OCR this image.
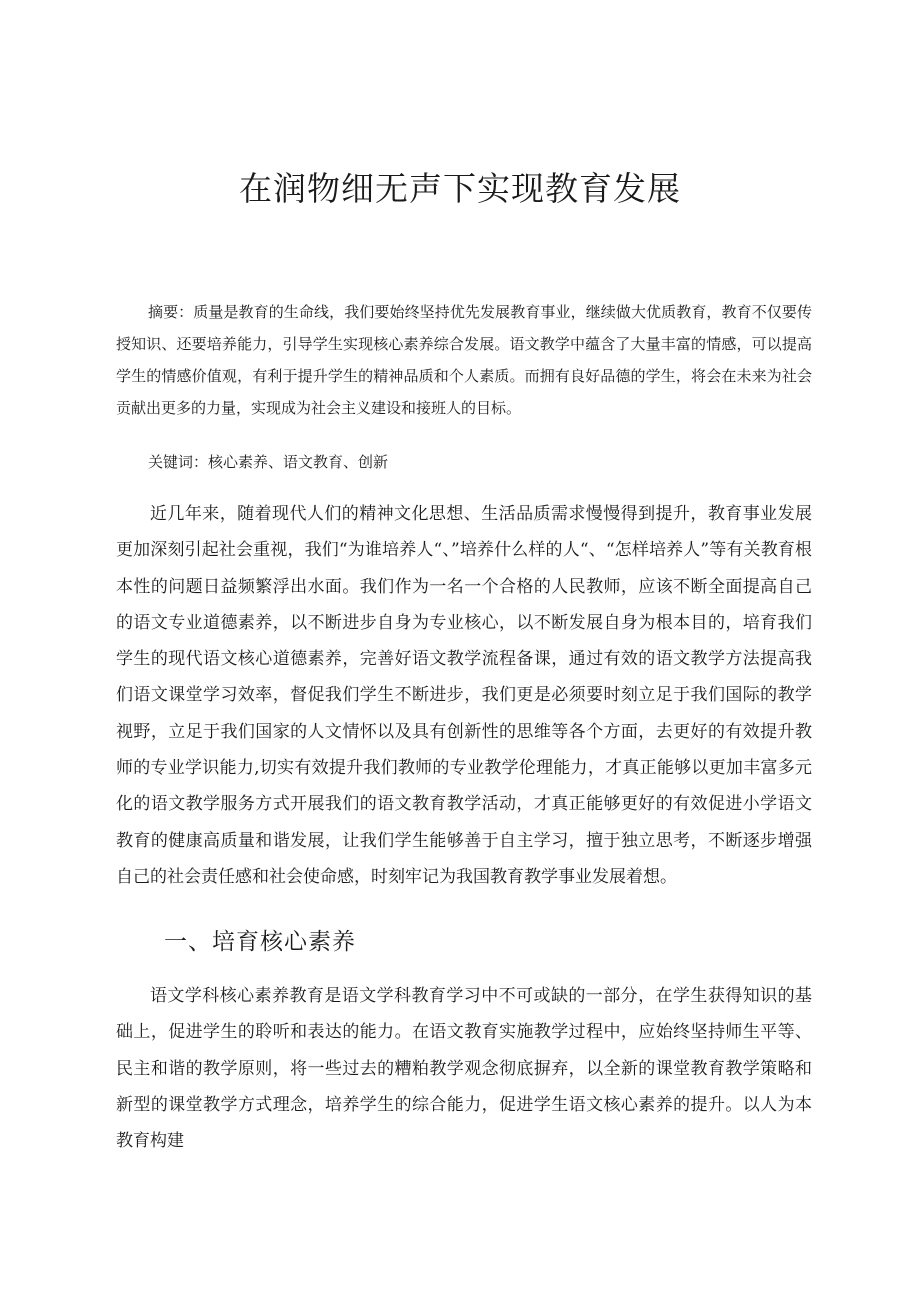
在润物细无声下实现教育发展

摘要：质量是教育的生命线，我们要始终坚持优先发展教育事业，继续做大优质教育，教育不仅要传授知识、还要培养能力，引导学生实现核心素养综合发展。语文教学中蕴含了大量丰富的情感，可以提高学生的情感价值观，有利于提升学生的精神品质和个人素质。而拥有良好品德的学生，将会在未来为社会贡献出更多的力量，实现成为社会主义建设和接班人的目标。

关键词：核心素养、语文教育、创新

近几年来，随着现代人们的精神文化思想、生活品质需求慢慢得到提升，教育事业发展更加深刻引起社会重视，我们“为谁培养人“、”培养什么样的人“、“怎样培养人”等有关教育根本性的问题日益频繁浮出水面。我们作为一名一个合格的人民教师，应该不断全面提高自己的语文专业道德素养，以不断进步自身为专业核心，以不断发展自身为根本目的，培育我们学生的现代语文核心道德素养，完善好语文教学流程备课，通过有效的语文教学方法提高我们语文课堂学习效率，督促我们学生不断进步，我们更是必须要时刻立足于我们国际的教学视野，立足于我们国家的人文情怀以及具有创新性的思维等各个方面，去更好的有效提升教师的专业学识能力,切实有效提升我们教师的专业教学伦理能力，才真正能够以更加丰富多元化的语文教学服务方式开展我们的语文教育教学活动，才真正能够更好的有效促进小学语文教育的健康高质量和谐发展，让我们学生能够善于自主学习，擅于独立思考，不断逐步增强自己的社会责任感和社会使命感，时刻牢记为我国教育教学事业发展着想。

一、培育核心素养

语文学科核心素养教育是语文学科教育学习中不可或缺的一部分，在学生获得知识的基础上，促进学生的聆听和表达的能力。在语文教育实施教学过程中，应始终坚持师生平等、民主和谐的教学原则，将一些过去的糟粕教学观念彻底摒弃，以全新的课堂教育教学策略和新型的课堂教学方式理念，培养学生的综合能力，促进学生语文核心素养的提升。以人为本教育构建
